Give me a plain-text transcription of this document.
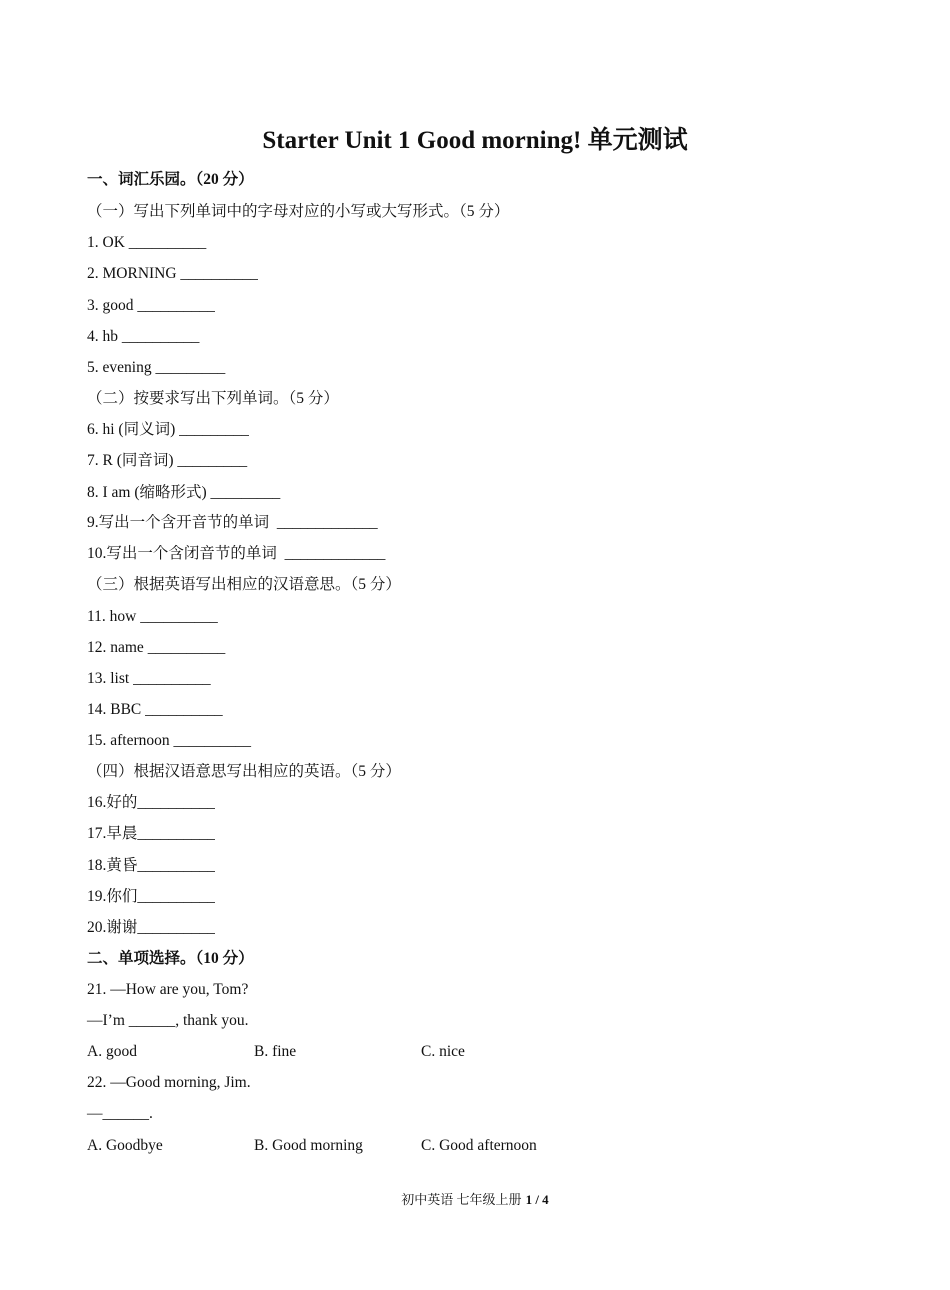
Starter Unit 1 Good morning! 单元测试
一、词汇乐园。（20 分）
（一）写出下列单词中的字母对应的小写或大写形式。（5 分）
1. OK __________
2. MORNING __________
3. good __________
4. hb __________
5. evening _________
（二）按要求写出下列单词。（5 分）
6. hi (同义词) _________
7. R (同音词) _________
8. I am (缩略形式) _________
9.写出一个含开音节的单词  _____________
10.写出一个含闭音节的单词  _____________
（三）根据英语写出相应的汉语意思。（5 分）
11. how __________
12. name __________
13. list __________
14. BBC __________
15. afternoon __________
（四）根据汉语意思写出相应的英语。（5 分）
16.好的__________
17.早晨__________
18.黄昏__________
19.你们__________
20.谢谢__________
二、单项选择。（10 分）
21. —How are you, Tom?
—I’m ______, thank you.
A. good	B. fine	C. nice
22. —Good morning, Jim.
—______.
A. Goodbye	B. Good morning	C. Good afternoon
初中英语 七年级上册 1 / 4
